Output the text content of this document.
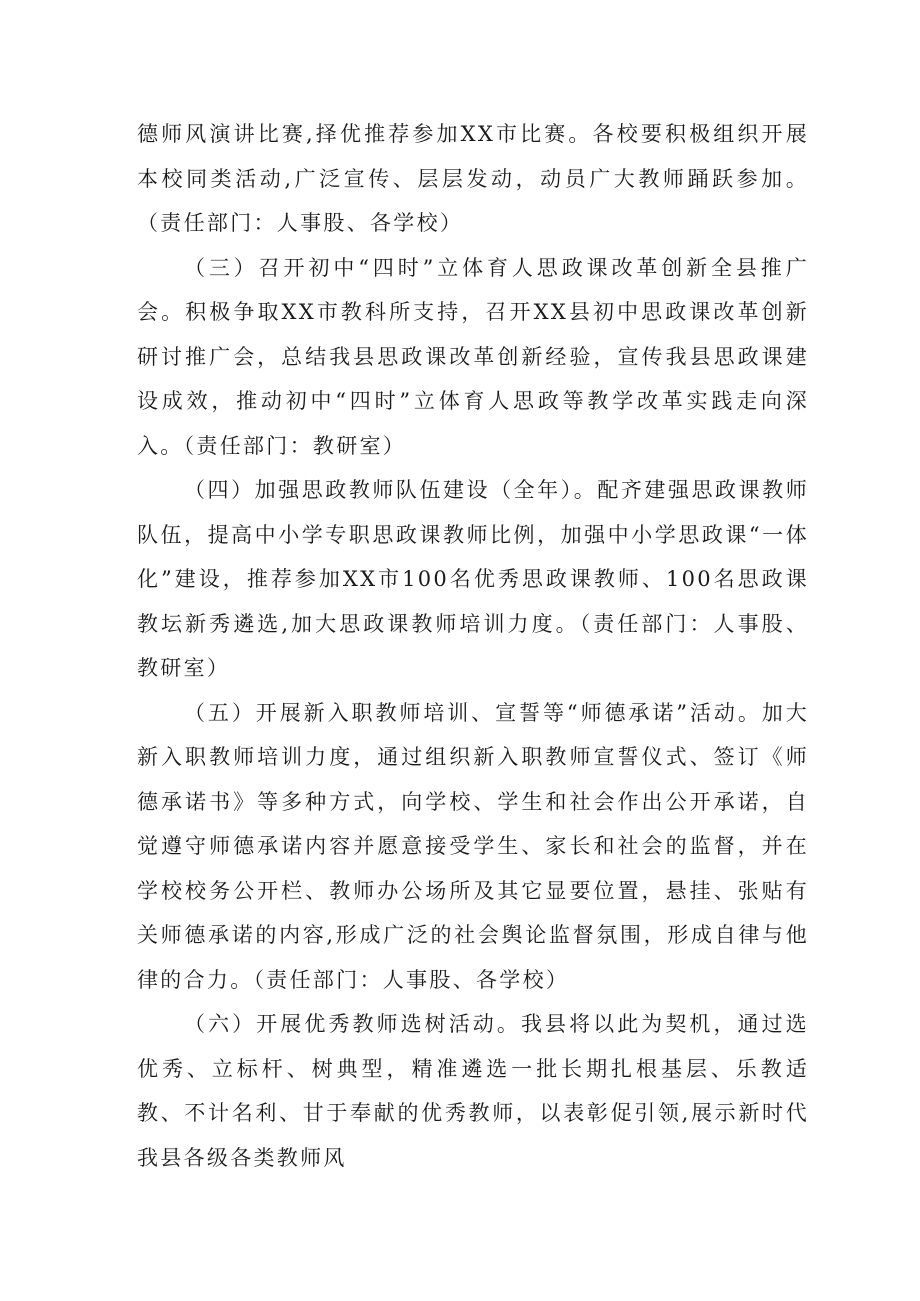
德师风演讲比赛,择优推荐参加XX市比赛。各校要积极组织开展本校同类活动,广泛宣传、层层发动，动员广大教师踊跃参加。（责任部门：人事股、各学校）

（三）召开初中“四时”立体育人思政课改革创新全县推广会。积极争取XX市教科所支持，召开XX县初中思政课改革创新研讨推广会，总结我县思政课改革创新经验，宣传我县思政课建设成效，推动初中“四时”立体育人思政等教学改革实践走向深入。（责任部门：教研室）

（四）加强思政教师队伍建设（全年）。配齐建强思政课教师队伍，提高中小学专职思政课教师比例，加强中小学思政课“一体化”建设，推荐参加XX市100名优秀思政课教师、100名思政课教坛新秀遴选,加大思政课教师培训力度。（责任部门：人事股、教研室）

（五）开展新入职教师培训、宣誓等“师德承诺”活动。加大新入职教师培训力度，通过组织新入职教师宣誓仪式、签订《师德承诺书》等多种方式，向学校、学生和社会作出公开承诺，自觉遵守师德承诺内容并愿意接受学生、家长和社会的监督，并在学校校务公开栏、教师办公场所及其它显要位置，悬挂、张贴有关师德承诺的内容,形成广泛的社会舆论监督氛围，形成自律与他律的合力。（责任部门：人事股、各学校）

（六）开展优秀教师选树活动。我县将以此为契机，通过选优秀、立标杆、树典型，精准遴选一批长期扎根基层、乐教适教、不计名利、甘于奉献的优秀教师，以表彰促引领,展示新时代我县各级各类教师风
